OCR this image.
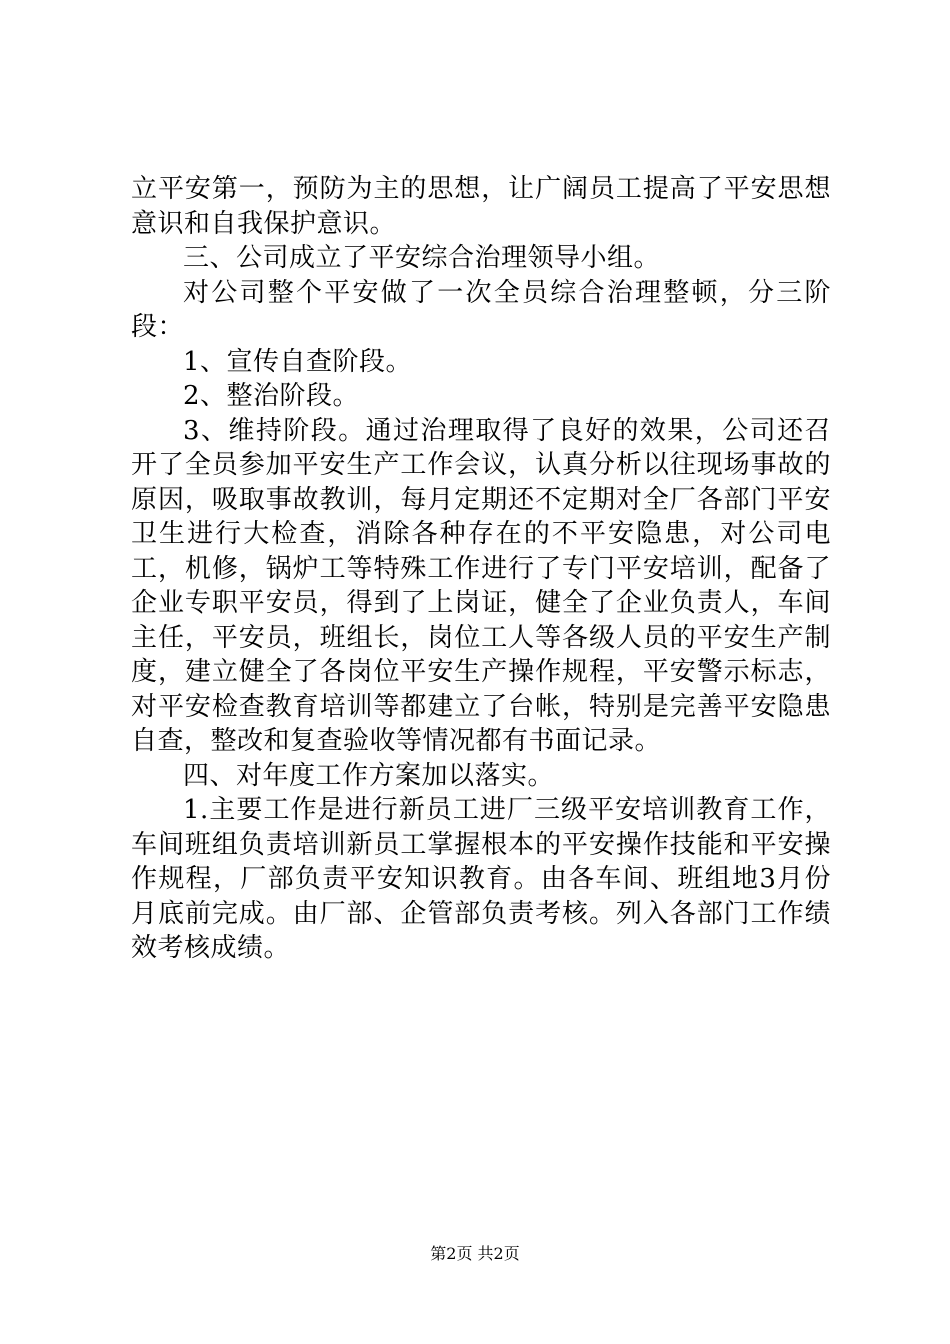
立平安第一，预防为主的思想，让广阔员工提高了平安思想意识和自我保护意识。

三、公司成立了平安综合治理领导小组。

对公司整个平安做了一次全员综合治理整顿，分三阶段：

1、宣传自查阶段。

2、整治阶段。

3、维持阶段。通过治理取得了良好的效果，公司还召开了全员参加平安生产工作会议，认真分析以往现场事故的原因，吸取事故教训，每月定期还不定期对全厂各部门平安卫生进行大检查，消除各种存在的不平安隐患，对公司电工，机修，锅炉工等特殊工作进行了专门平安培训，配备了企业专职平安员，得到了上岗证，健全了企业负责人，车间主任，平安员，班组长，岗位工人等各级人员的平安生产制度，建立健全了各岗位平安生产操作规程，平安警示标志，对平安检查教育培训等都建立了台帐，特别是完善平安隐患自查，整改和复查验收等情况都有书面记录。

四、对年度工作方案加以落实。

1.主要工作是进行新员工进厂三级平安培训教育工作，车间班组负责培训新员工掌握根本的平安操作技能和平安操作规程，厂部负责平安知识教育。由各车间、班组地3月份月底前完成。由厂部、企管部负责考核。列入各部门工作绩效考核成绩。

第2页 共2页
